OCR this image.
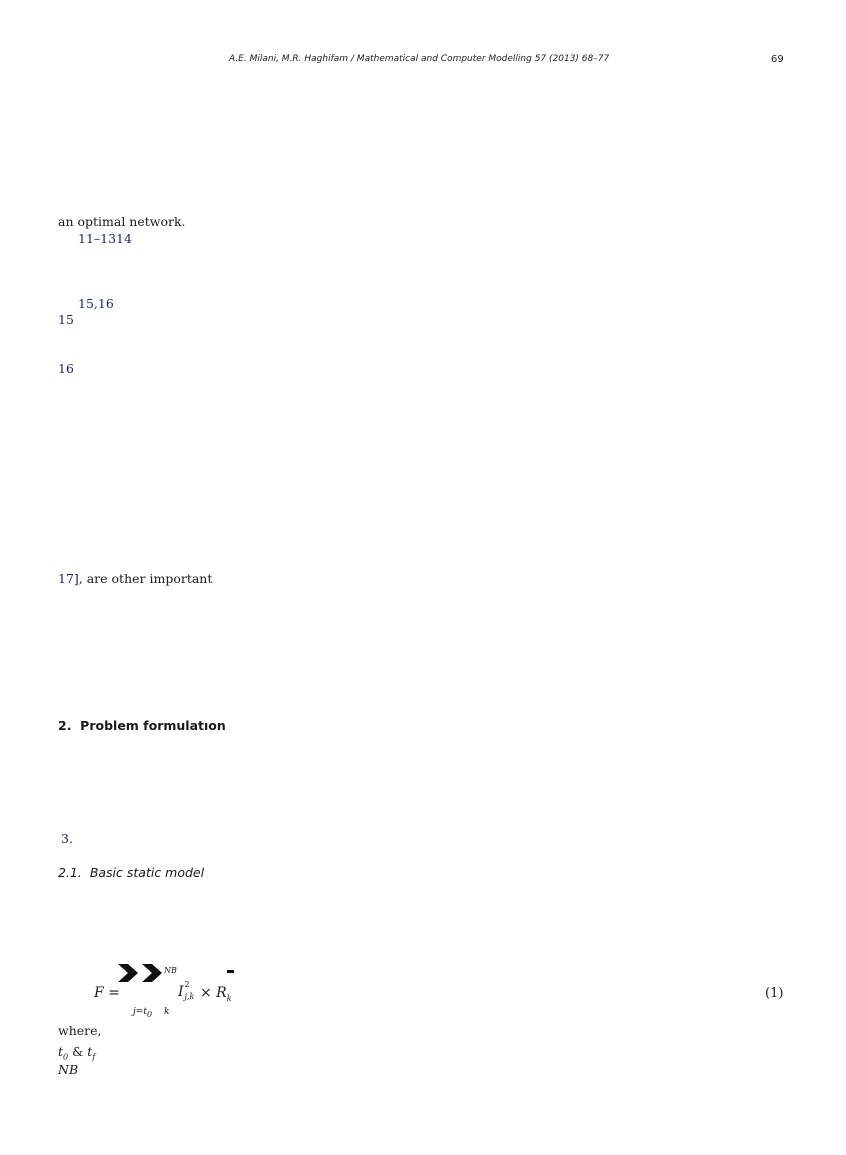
A.E. Milani, M.R. Haghifam / Mathematical and Computer Modelling 57 (2013) 68–77	69
an optimal network.
11–1314
15,16
15
16
17], are other important
2. Problem formulatıon
3.
2.1. Basic static model
F =
NB
$j=t_0$ k
I 2
$j,k \times R_k$	(1)
where,
$t_0$ & $t_f$
NB
